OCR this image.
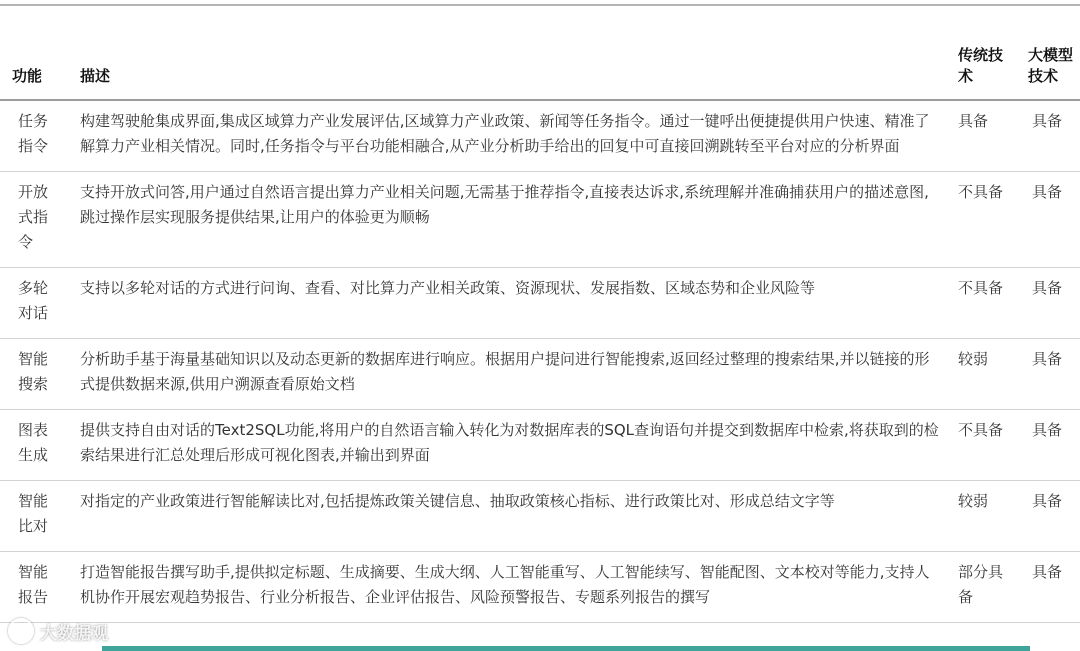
功能	描述	传统技术	大模型技术
任务指令	构建驾驶舱集成界面,集成区域算力产业发展评估,区域算力产业政策、新闻等任务指令。通过一键呼出便捷提供用户快速、精准了解算力产业相关情况。同时,任务指令与平台功能相融合,从产业分析助手给出的回复中可直接回溯跳转至平台对应的分析界面	具备	具备
开放式指令	支持开放式问答,用户通过自然语言提出算力产业相关问题,无需基于推荐指令,直接表达诉求,系统理解并准确捕获用户的描述意图,跳过操作层实现服务提供结果,让用户的体验更为顺畅	不具备	具备
多轮对话	支持以多轮对话的方式进行问询、查看、对比算力产业相关政策、资源现状、发展指数、区域态势和企业风险等	不具备	具备
智能搜索	分析助手基于海量基础知识以及动态更新的数据库进行响应。根据用户提问进行智能搜索,返回经过整理的搜索结果,并以链接的形式提供数据来源,供用户溯源查看原始文档	较弱	具备
图表生成	提供支持自由对话的Text2SQL功能,将用户的自然语言输入转化为对数据库表的SQL查询语句并提交到数据库中检索,将获取到的检索结果进行汇总处理后形成可视化图表,并输出到界面	不具备	具备
智能比对	对指定的产业政策进行智能解读比对,包括提炼政策关键信息、抽取政策核心指标、进行政策比对、形成总结文字等	较弱	具备
智能报告	打造智能报告撰写助手,提供拟定标题、生成摘要、生成大纲、人工智能重写、人工智能续写、智能配图、文本校对等能力,支持人机协作开展宏观趋势报告、行业分析报告、企业评估报告、风险预警报告、专题系列报告的撰写	部分具备	具备
大数据观
